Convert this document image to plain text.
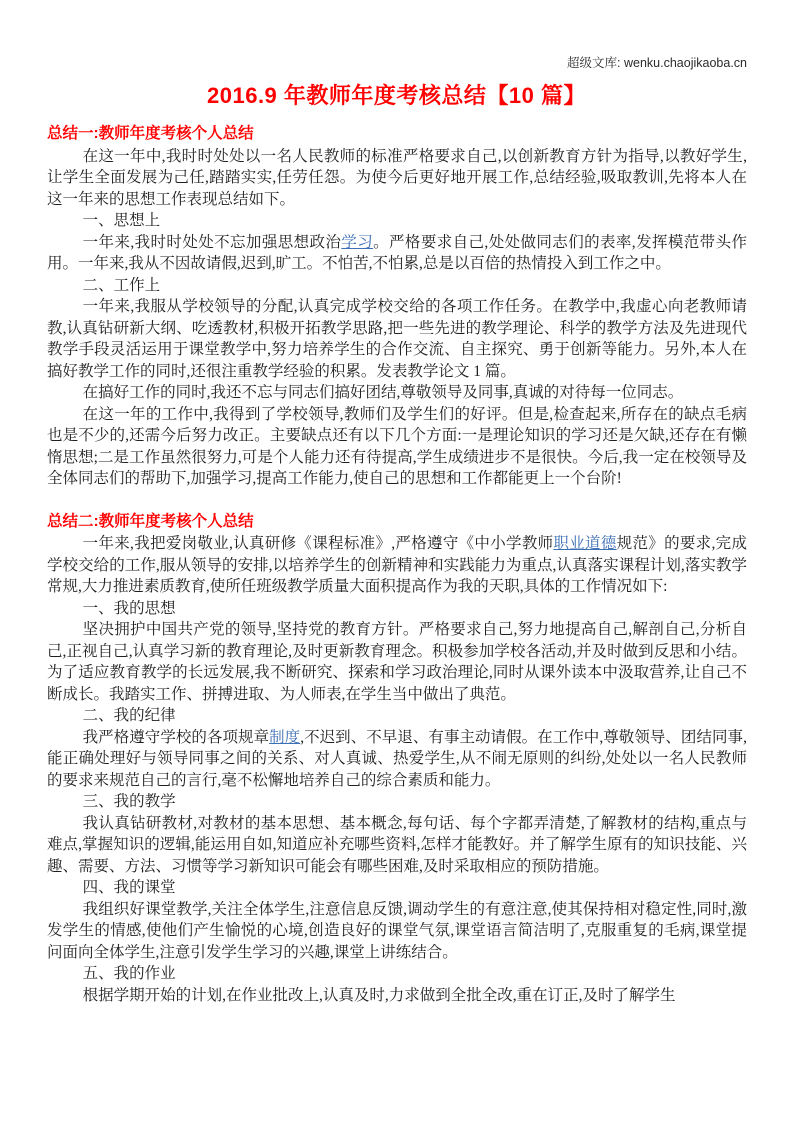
超级文库: wenku.chaojikaoba.cn
2016.9 年教师年度考核总结【10 篇】
总结一:教师年度考核个人总结

在这一年中,我时时处处以一名人民教师的标准严格要求自己,以创新教育方针为指导,以教好学生,让学生全面发展为己任,踏踏实实,任劳任怨。为使今后更好地开展工作,总结经验,吸取教训,先将本人在这一年来的思想工作表现总结如下。

一、思想上

一年来,我时时处处不忘加强思想政治学习。严格要求自己,处处做同志们的表率,发挥模范带头作用。一年来,我从不因故请假,迟到,旷工。不怕苦,不怕累,总是以百倍的热情投入到工作之中。

二、工作上

一年来,我服从学校领导的分配,认真完成学校交给的各项工作任务。在教学中,我虚心向老教师请教,认真钻研新大纲、吃透教材,积极开拓教学思路,把一些先进的教学理论、科学的教学方法及先进现代教学手段灵活运用于课堂教学中,努力培养学生的合作交流、自主探究、勇于创新等能力。另外,本人在搞好教学工作的同时,还很注重教学经验的积累。发表教学论文 1 篇。

在搞好工作的同时,我还不忘与同志们搞好团结,尊敬领导及同事,真诚的对待每一位同志。

在这一年的工作中,我得到了学校领导,教师们及学生们的好评。但是,检查起来,所存在的缺点毛病也是不少的,还需今后努力改正。主要缺点还有以下几个方面:一是理论知识的学习还是欠缺,还存在有懒惰思想;二是工作虽然很努力,可是个人能力还有待提高,学生成绩进步不是很快。今后,我一定在校领导及全体同志们的帮助下,加强学习,提高工作能力,使自己的思想和工作都能更上一个台阶!

总结二:教师年度考核个人总结

一年来,我把爱岗敬业,认真研修《课程标准》,严格遵守《中小学教师职业道德规范》的要求,完成学校交给的工作,服从领导的安排,以培养学生的创新精神和实践能力为重点,认真落实课程计划,落实教学常规,大力推进素质教育,使所任班级教学质量大面积提高作为我的天职,具体的工作情况如下:

一、我的思想

坚决拥护中国共产党的领导,坚持党的教育方针。严格要求自己,努力地提高自己,解剖自己,分析自己,正视自己,认真学习新的教育理论,及时更新教育理念。积极参加学校各活动,并及时做到反思和小结。为了适应教育教学的长远发展,我不断研究、探索和学习政治理论,同时从课外读本中汲取营养,让自己不断成长。我踏实工作、拼搏进取、为人师表,在学生当中做出了典范。

二、我的纪律

我严格遵守学校的各项规章制度,不迟到、不早退、有事主动请假。在工作中,尊敬领导、团结同事,能正确处理好与领导同事之间的关系、对人真诚、热爱学生,从不闹无原则的纠纷,处处以一名人民教师的要求来规范自己的言行,毫不松懈地培养自己的综合素质和能力。

三、我的教学

我认真钻研教材,对教材的基本思想、基本概念,每句话、每个字都弄清楚,了解教材的结构,重点与难点,掌握知识的逻辑,能运用自如,知道应补充哪些资料,怎样才能教好。并了解学生原有的知识技能、兴趣、需要、方法、习惯等学习新知识可能会有哪些困难,及时采取相应的预防措施。

四、我的课堂

我组织好课堂教学,关注全体学生,注意信息反馈,调动学生的有意注意,使其保持相对稳定性,同时,激发学生的情感,使他们产生愉悦的心境,创造良好的课堂气氛,课堂语言简洁明了,克服重复的毛病,课堂提问面向全体学生,注意引发学生学习的兴趣,课堂上讲练结合。

五、我的作业

根据学期开始的计划,在作业批改上,认真及时,力求做到全批全改,重在订正,及时了解学生
